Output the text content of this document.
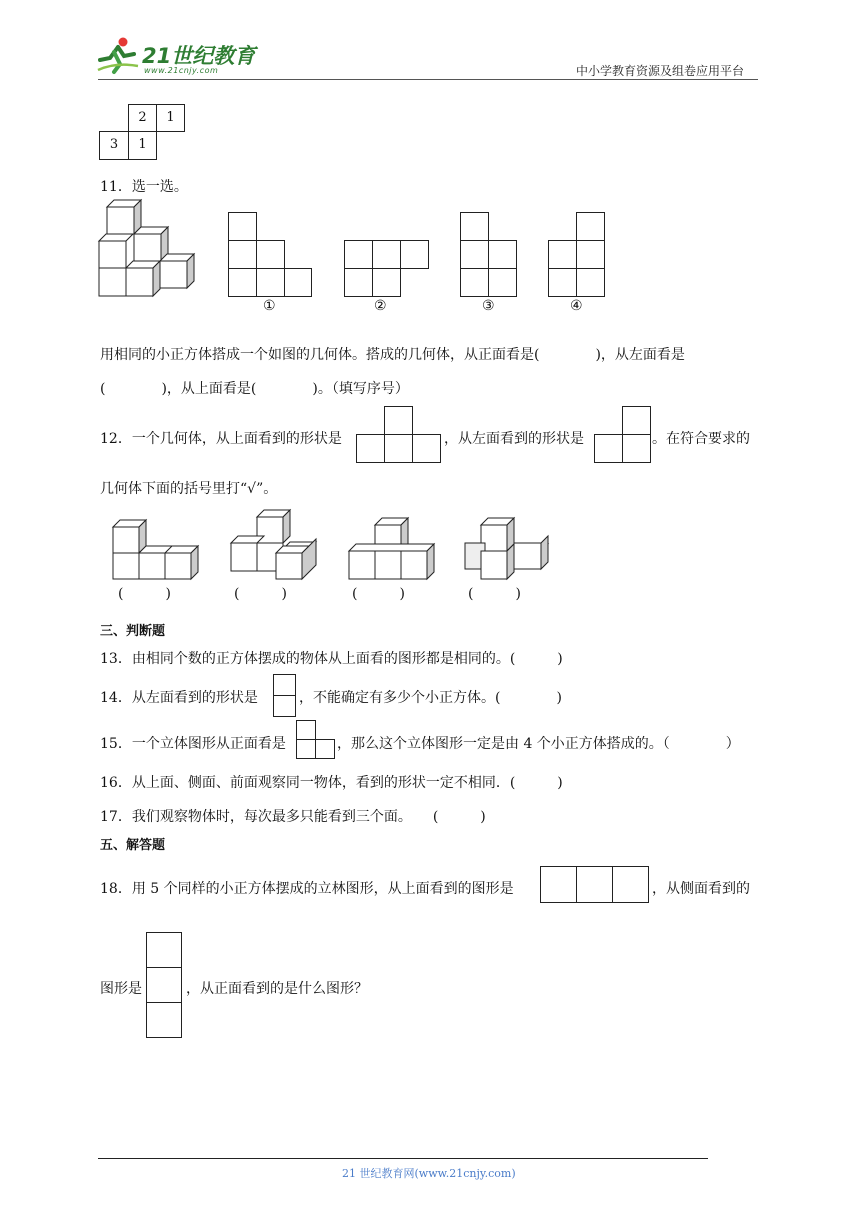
21世纪教育
www.21cnjy.com	中小学教育资源及组卷应用平台
2	1
3	1
11．选一选。
①	②	③	④
用相同的小正方体搭成一个如图的几何体。搭成的几何体，从正面看是(　　　　)，从左面看是
(　　　　)，从上面看是(　　　　)。（填写序号）
12．一个几何体，从上面看到的形状是	，从左面看到的形状是	。在符合要求的
几何体下面的括号里打“√”。
(　　　)	(　　　)	(　　　)	(　　　)
三、判断题
13．由相同个数的正方体摆成的物体从上面看的图形都是相同的。(　　　)
14．从左面看到的形状是	，不能确定有多少个小正方体。(　　　　)
15．一个立体图形从正面看是	，那么这个立体图形一定是由 4 个小正方体搭成的。（　　　　）
16．从上面、侧面、前面观察同一物体，看到的形状一定不相同．(　　　)
17．我们观察物体时，每次最多只能看到三个面。　　(　　　)
五、解答题
18．用 5 个同样的小正方体摆成的立林图形，从上面看到的图形是	，从侧面看到的
图形是	，从正面看到的是什么图形？
21 世纪教育网(www.21cnjy.com)
